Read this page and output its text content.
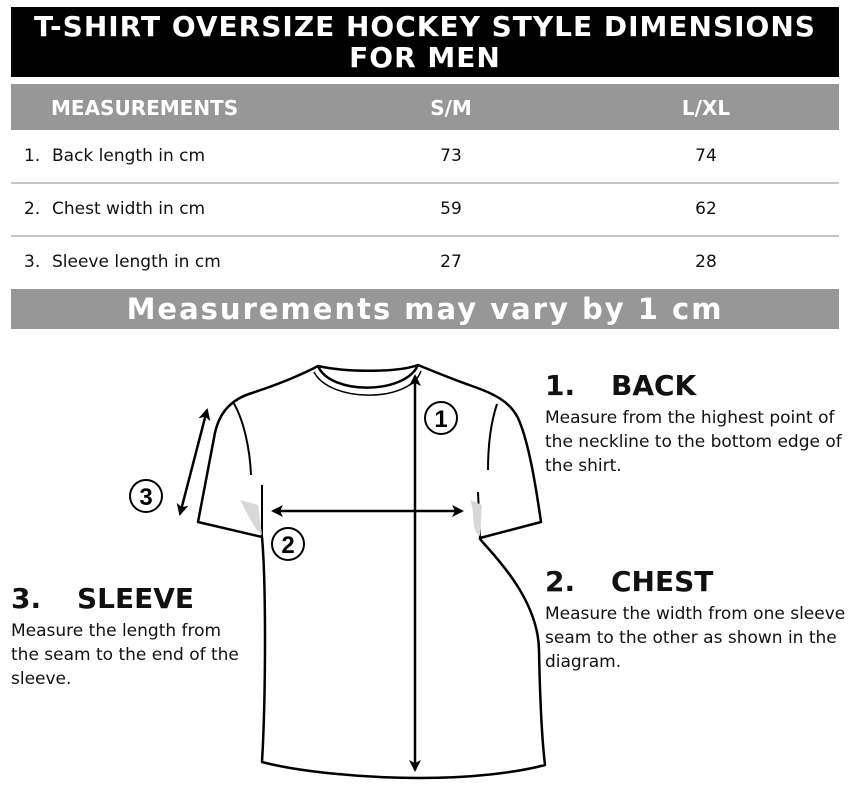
T-SHIRT OVERSIZE HOCKEY STYLE DIMENSIONS
FOR MEN
MEASUREMENTS	S/M	L/XL
1. Back length in cm	73	74
2. Chest width in cm	59	62
3. Sleeve length in cm	27	28
Measurements may vary by 1 cm
1
2
3
1. BACK
Measure from the highest point of the neckline to the bottom edge of the shirt.
2. CHEST
Measure the width from one sleeve seam to the other as shown in the diagram.
3. SLEEVE
Measure the length from the seam to the end of the sleeve.
